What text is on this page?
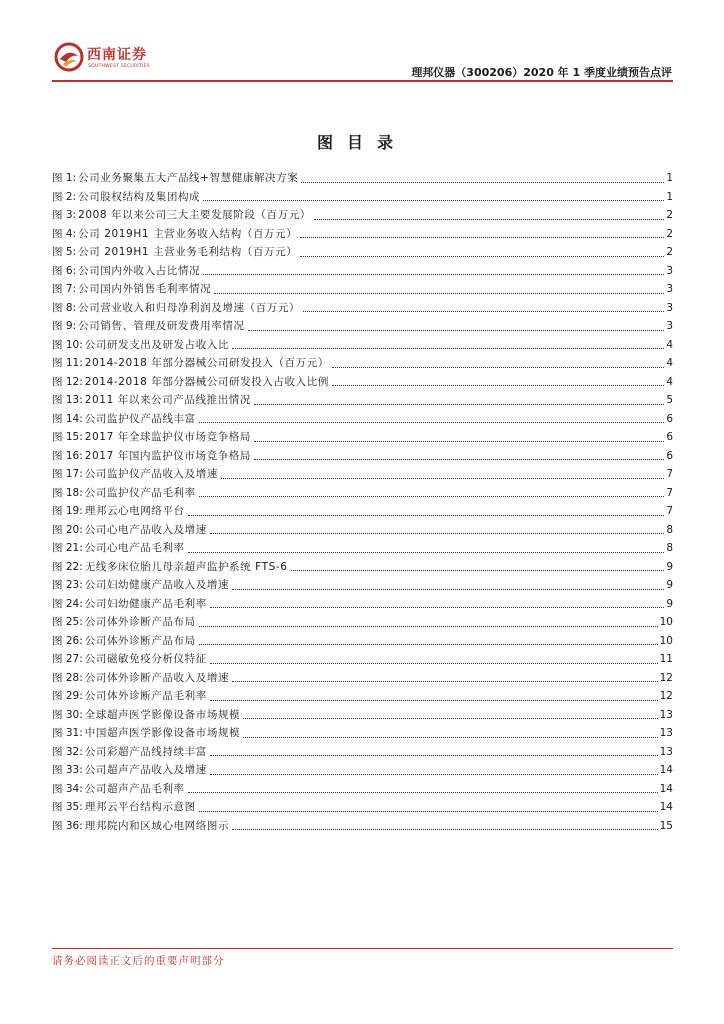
西南证券
SOUTHWEST SECURITIES	理邦仪器（300206）2020 年 1 季度业绩预告点评
图目录
图 1: 公司业务聚集五大产品线+智慧健康解决方案	1
图 2: 公司股权结构及集团构成	1
图 3: 2008 年以来公司三大主要发展阶段（百万元）	2
图 4: 公司 2019H1 主营业务收入结构（百万元）	2
图 5: 公司 2019H1 主营业务毛利结构（百万元）	2
图 6: 公司国内外收入占比情况	3
图 7: 公司国内外销售毛利率情况	3
图 8: 公司营业收入和归母净利润及增速（百万元）	3
图 9: 公司销售、管理及研发费用率情况	3
图 10: 公司研发支出及研发占收入比	4
图 11: 2014-2018 年部分器械公司研发投入（百万元）	4
图 12: 2014-2018 年部分器械公司研发投入占收入比例	4
图 13: 2011 年以来公司产品线推出情况	5
图 14: 公司监护仪产品线丰富	6
图 15: 2017 年全球监护仪市场竞争格局	6
图 16: 2017 年国内监护仪市场竞争格局	6
图 17: 公司监护仪产品收入及增速	7
图 18: 公司监护仪产品毛利率	7
图 19: 理邦云心电网络平台	7
图 20: 公司心电产品收入及增速	8
图 21: 公司心电产品毛利率	8
图 22: 无线多床位胎儿母亲超声监护系统 FTS-6	9
图 23: 公司妇幼健康产品收入及增速	9
图 24: 公司妇幼健康产品毛利率	9
图 25: 公司体外诊断产品布局	10
图 26: 公司体外诊断产品布局	10
图 27: 公司磁敏免疫分析仪特征	11
图 28: 公司体外诊断产品收入及增速	12
图 29: 公司体外诊断产品毛利率	12
图 30: 全球超声医学影像设备市场规模	13
图 31: 中国超声医学影像设备市场规模	13
图 32: 公司彩超产品线持续丰富	13
图 33: 公司超声产品收入及增速	14
图 34: 公司超声产品毛利率	14
图 35: 理邦云平台结构示意图	14
图 36: 理邦院内和区域心电网络图示	15
请务必阅读正文后的重要声明部分
